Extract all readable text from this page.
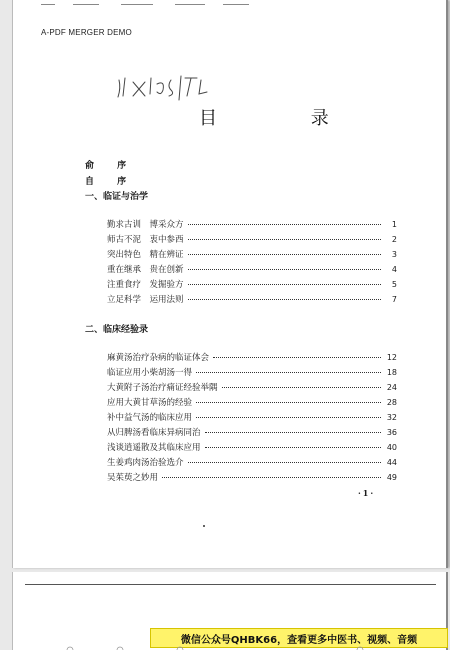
A-PDF MERGER DEMO
目 录
俞 序
自 序
一、临证与治学
勤求古训　博采众方	1
师古不泥　衷中参西	2
突出特色　精在辨证	3
重在继承　贵在创新	4
注重食疗　发掘验方	5
立足科学　运用法则	7
二、临床经验录
麻黄汤治疗杂病的临证体会	12
临证应用小柴胡汤一得	18
大黄附子汤治疗痛证经验举隅	24
应用大黄甘草汤的经验	28
补中益气汤的临床应用	32
从归脾汤看临床异病同治	36
浅谈逍遥散及其临床应用	40
生姜鸡肉汤治验选介	44
吴茱萸之妙用	49
·1·
微信公众号QHBK66，查看更多中医书、视频、音频
